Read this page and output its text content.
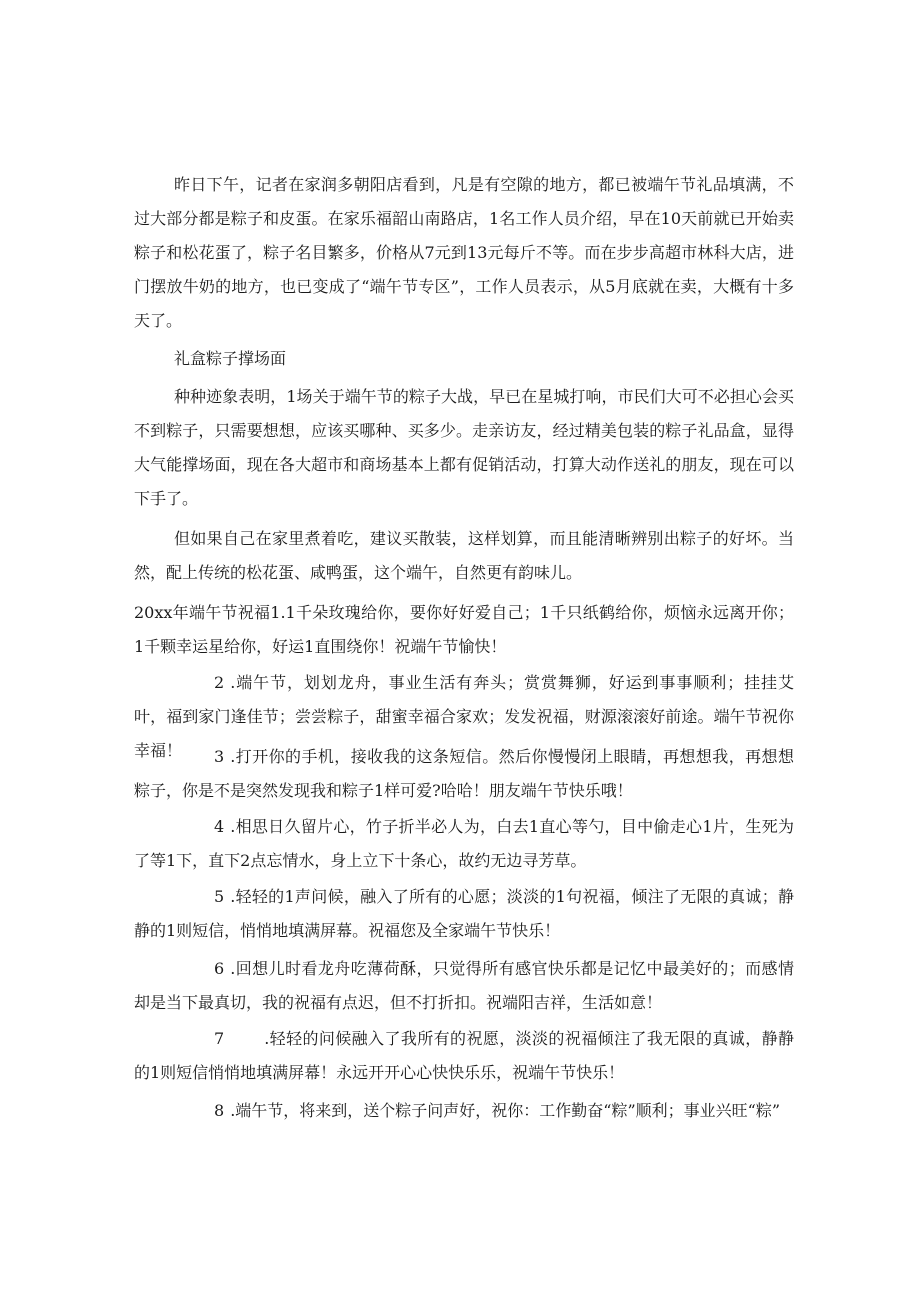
昨日下午，记者在家润多朝阳店看到，凡是有空隙的地方，都已被端午节礼品填满，不过大部分都是粽子和皮蛋。在家乐福韶山南路店，1名工作人员介绍，早在10天前就已开始卖粽子和松花蛋了，粽子名目繁多，价格从7元到13元每斤不等。而在步步高超市林科大店，进门摆放牛奶的地方，也已变成了“端午节专区”，工作人员表示，从5月底就在卖，大概有十多天了。

礼盒粽子撑场面

种种迹象表明，1场关于端午节的粽子大战，早已在星城打响，市民们大可不必担心会买不到粽子，只需要想想，应该买哪种、买多少。走亲访友，经过精美包装的粽子礼品盒，显得大气能撑场面，现在各大超市和商场基本上都有促销活动，打算大动作送礼的朋友，现在可以下手了。

但如果自己在家里煮着吃，建议买散装，这样划算，而且能清晰辨别出粽子的好坏。当然，配上传统的松花蛋、咸鸭蛋，这个端午，自然更有韵味儿。

20xx年端午节祝福1.1千朵玫瑰给你，要你好好爱自己；1千只纸鹤给你，烦恼永远离开你；1千颗幸运星给你，好运1直围绕你！祝端午节愉快！

2 .端午节，划划龙舟，事业生活有奔头；赏赏舞狮，好运到事事顺利；挂挂艾叶，福到家门逢佳节；尝尝粽子，甜蜜幸福合家欢；发发祝福，财源滚滚好前途。端午节祝你幸福！	3 .打开你的手机，接收我的这条短信。然后你慢慢闭上眼睛，再想想我，再想想粽子，你是不是突然发现我和粽子1样可爱?哈哈！朋友端午节快乐哦！

4 .相思日久留片心，竹子折半必人为，白去1直心等勺，目中偷走心1片，生死为了等1下，直下2点忘情水，身上立下十条心，故约无边寻芳草。

5 .轻轻的1声问候，融入了所有的心愿；淡淡的1句祝福，倾注了无限的真诚；静静的1则短信，悄悄地填满屏幕。祝福您及全家端午节快乐！

6 .回想儿时看龙舟吃薄荷酥，只觉得所有感官快乐都是记忆中最美好的；而感情却是当下最真切，我的祝福有点迟，但不打折扣。祝端阳吉祥，生活如意！

7	.轻轻的问候融入了我所有的祝愿，淡淡的祝福倾注了我无限的真诚，静静的1则短信悄悄地填满屏幕！永远开开心心快快乐乐，祝端午节快乐！

8 .端午节，将来到，送个粽子问声好，祝你：工作勤奋“粽”顺利；事业兴旺“粽”
